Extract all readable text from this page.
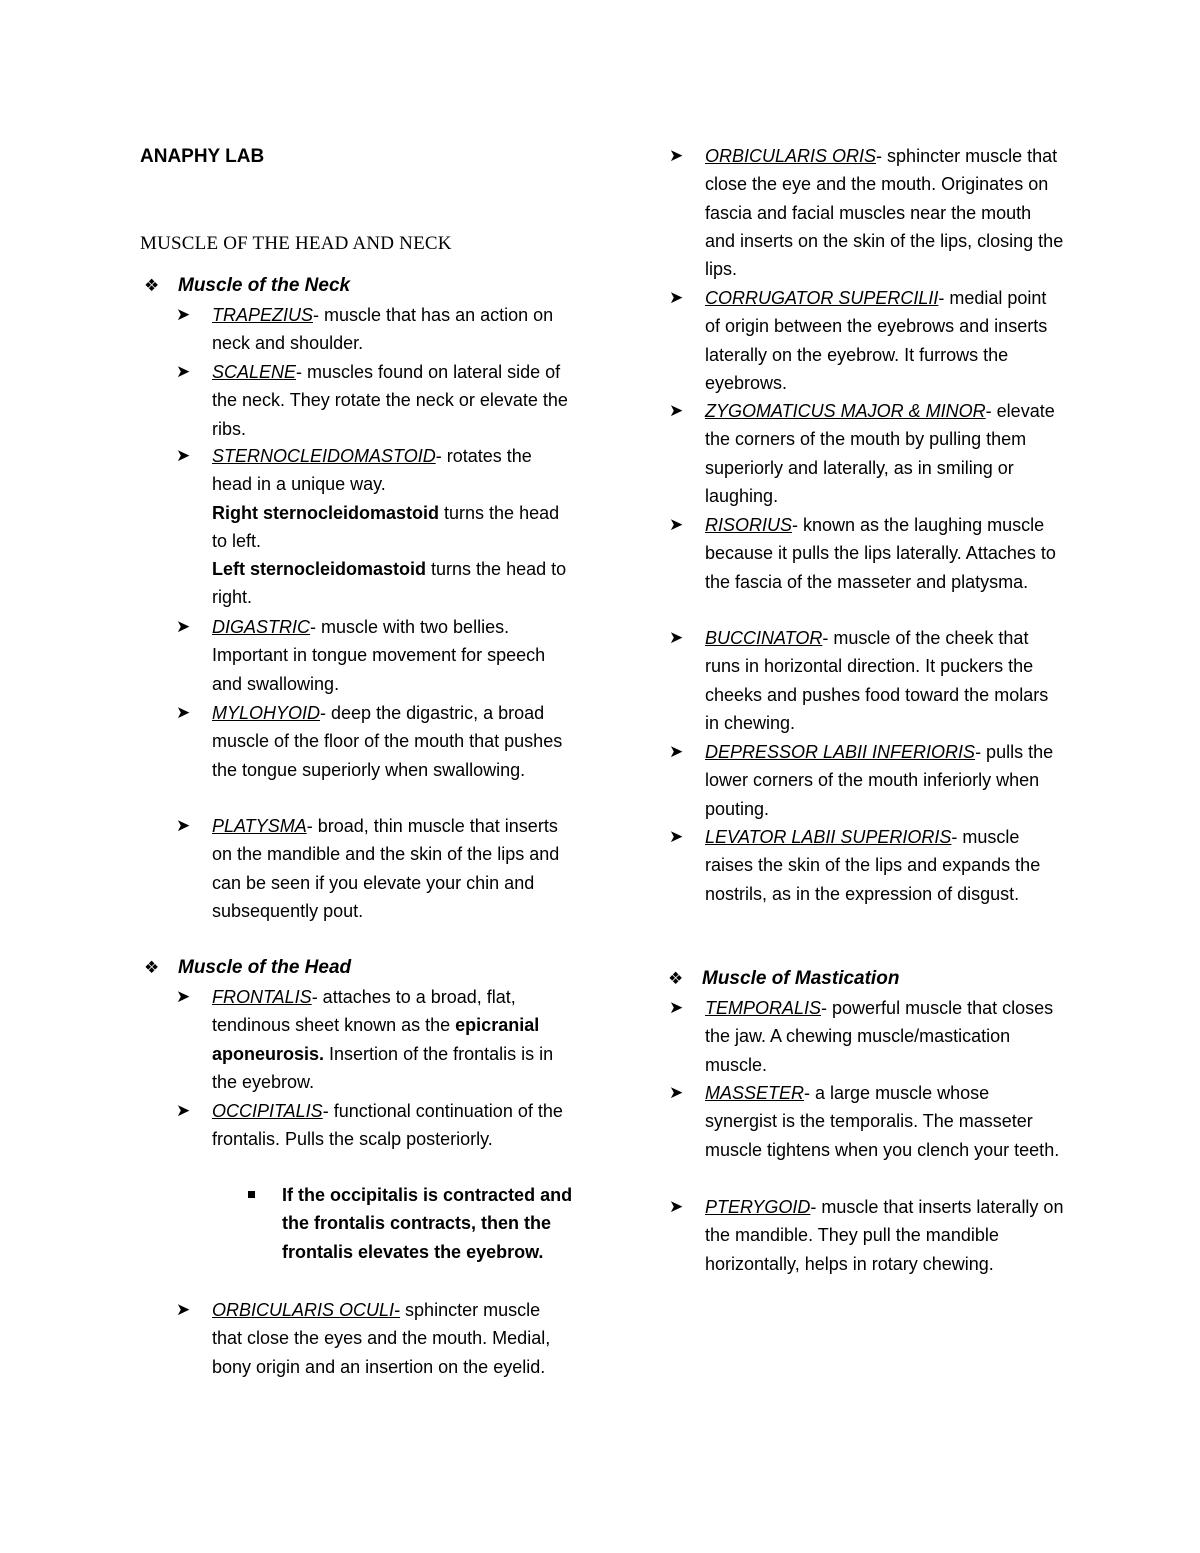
ANAPHY LAB
MUSCLE OF THE HEAD AND NECK
❖ Muscle of the Neck
➤ TRAPEZIUS- muscle that has an action on neck and shoulder.
➤ SCALENE- muscles found on lateral side of the neck. They rotate the neck or elevate the ribs.
➤ STERNOCLEIDOMASTOID- rotates the head in a unique way.
Right sternocleidomastoid turns the head to left.
Left sternocleidomastoid turns the head to right.
➤ DIGASTRIC- muscle with two bellies. Important in tongue movement for speech and swallowing.
➤ MYLOHYOID- deep the digastric, a broad muscle of the floor of the mouth that pushes the tongue superiorly when swallowing.
➤ PLATYSMA- broad, thin muscle that inserts on the mandible and the skin of the lips and can be seen if you elevate your chin and subsequently pout.
❖ Muscle of the Head
➤ FRONTALIS- attaches to a broad, flat, tendinous sheet known as the epicranial aponeurosis. Insertion of the frontalis is in the eyebrow.
➤ OCCIPITALIS- functional continuation of the frontalis. Pulls the scalp posteriorly.
If the occipitalis is contracted and the frontalis contracts, then the frontalis elevates the eyebrow.
➤ ORBICULARIS OCULI- sphincter muscle that close the eyes and the mouth. Medial, bony origin and an insertion on the eyelid.
➤ ORBICULARIS ORIS- sphincter muscle that close the eye and the mouth. Originates on fascia and facial muscles near the mouth and inserts on the skin of the lips, closing the lips.
➤ CORRUGATOR SUPERCILII- medial point of origin between the eyebrows and inserts laterally on the eyebrow. It furrows the eyebrows.
➤ ZYGOMATICUS MAJOR & MINOR- elevate the corners of the mouth by pulling them superiorly and laterally, as in smiling or laughing.
➤ RISORIUS- known as the laughing muscle because it pulls the lips laterally. Attaches to the fascia of the masseter and platysma.
➤ BUCCINATOR- muscle of the cheek that runs in horizontal direction. It puckers the cheeks and pushes food toward the molars in chewing.
➤ DEPRESSOR LABII INFERIORIS- pulls the lower corners of the mouth inferiorly when pouting.
➤ LEVATOR LABII SUPERIORIS- muscle raises the skin of the lips and expands the nostrils, as in the expression of disgust.
❖ Muscle of Mastication
➤ TEMPORALIS- powerful muscle that closes the jaw. A chewing muscle/mastication muscle.
➤ MASSETER- a large muscle whose synergist is the temporalis. The masseter muscle tightens when you clench your teeth.
➤ PTERYGOID- muscle that inserts laterally on the mandible. They pull the mandible horizontally, helps in rotary chewing.
